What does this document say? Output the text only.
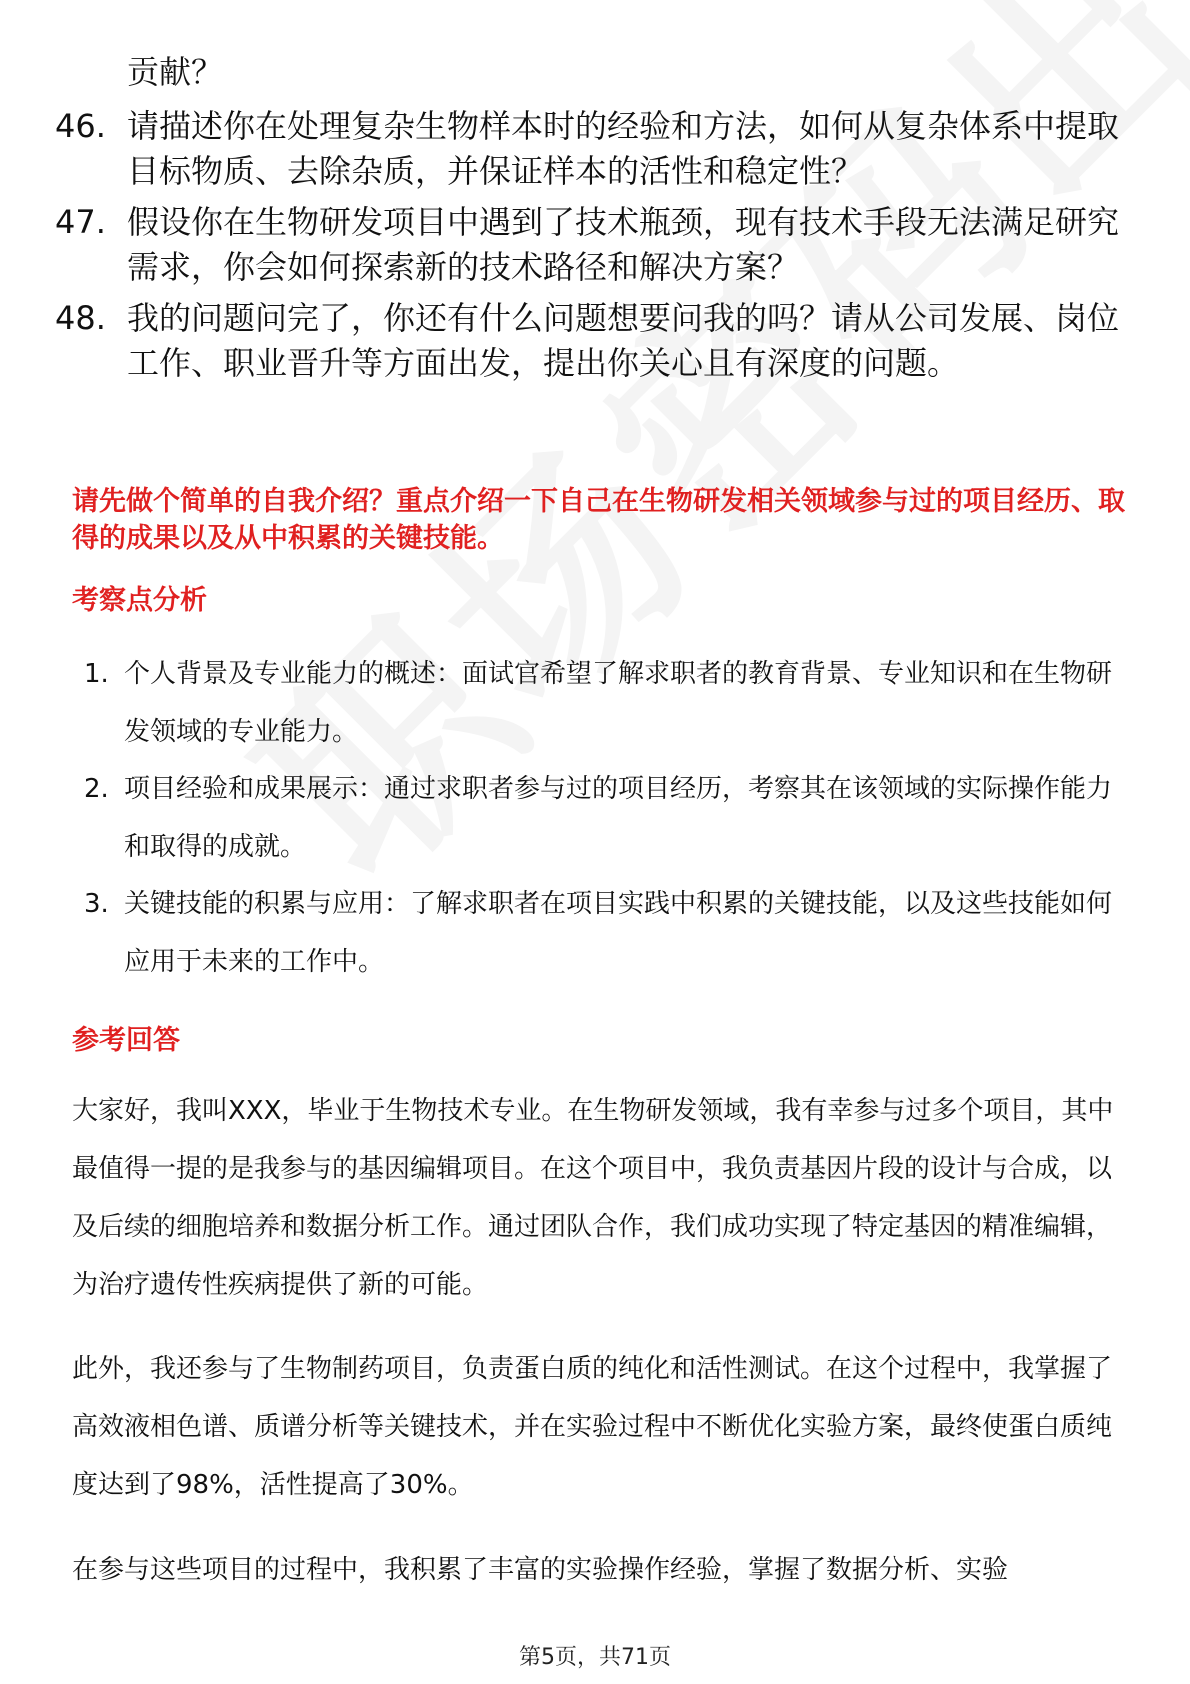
贡献？
46. 请描述你在处理复杂生物样本时的经验和方法，如何从复杂体系中提取目标物质、去除杂质，并保证样本的活性和稳定性？
47. 假设你在生物研发项目中遇到了技术瓶颈，现有技术手段无法满足研究需求，你会如何探索新的技术路径和解决方案？
48. 我的问题问完了，你还有什么问题想要问我的吗？请从公司发展、岗位工作、职业晋升等方面出发，提出你关心且有深度的问题。
请先做个简单的自我介绍？重点介绍一下自己在生物研发相关领域参与过的项目经历、取得的成果以及从中积累的关键技能。
考察点分析
1. 个人背景及专业能力的概述：面试官希望了解求职者的教育背景、专业知识和在生物研发领域的专业能力。
2. 项目经验和成果展示：通过求职者参与过的项目经历，考察其在该领域的实际操作能力和取得的成就。
3. 关键技能的积累与应用：了解求职者在项目实践中积累的关键技能，以及这些技能如何应用于未来的工作中。
参考回答
大家好，我叫XXX，毕业于生物技术专业。在生物研发领域，我有幸参与过多个项目，其中最值得一提的是我参与的基因编辑项目。在这个项目中，我负责基因片段的设计与合成，以及后续的细胞培养和数据分析工作。通过团队合作，我们成功实现了特定基因的精准编辑，为治疗遗传性疾病提供了新的可能。
此外，我还参与了生物制药项目，负责蛋白质的纯化和活性测试。在这个过程中，我掌握了高效液相色谱、质谱分析等关键技术，并在实验过程中不断优化实验方案，最终使蛋白质纯度达到了98%，活性提高了30%。
在参与这些项目的过程中，我积累了丰富的实验操作经验，掌握了数据分析、实验
第5页，共71页
